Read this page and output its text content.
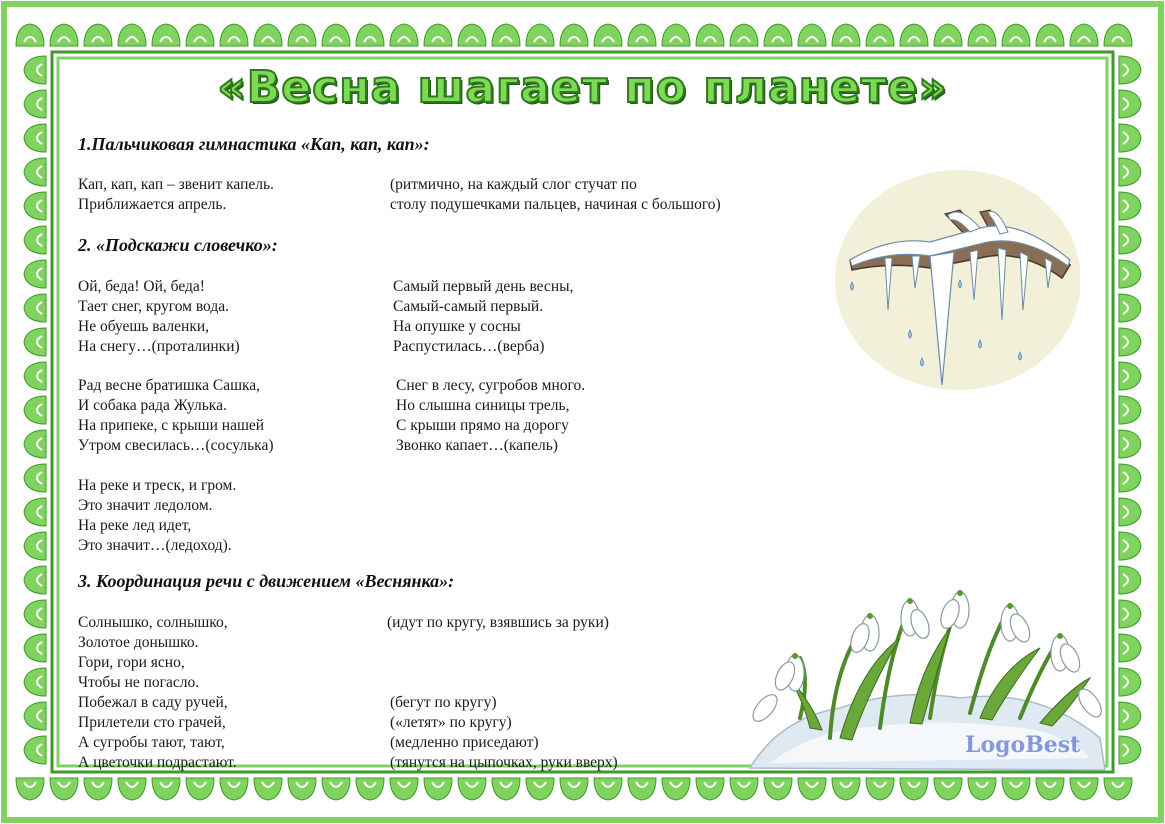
«Весна шагает по планете»
1.Пальчиковая гимнастика «Кап, кап, кап»:
Кап, кап, кап – звенит капель.
Приближается апрель.
(ритмично, на каждый слог стучат по
столу подушечками пальцев, начиная с большого)
2. «Подскажи словечко»:
Ой, беда! Ой, беда!
Тает снег, кругом вода.
Не обуешь валенки,
На снегу…(проталинки)
Самый первый день весны,
Самый-самый первый.
На опушке у сосны
Распустилась…(верба)
Рад весне братишка Сашка,
И собака рада Жулька.
На припеке, с крыши нашей
Утром свесилась…(сосулька)
Снег в лесу, сугробов много.
Но слышна синицы трель,
С крыши прямо на дорогу
Звонко капает…(капель)
На реке и треск, и гром.
Это значит ледолом.
На реке лед идет,
Это значит…(ледоход).
3. Координация речи с движением «Веснянка»:
Солнышко, солнышко,
Золотое донышко.
Гори, гори ясно,
Чтобы не погасло.
Побежал в саду ручей,
Прилетели сто грачей,
А сугробы тают, тают,
А цветочки подрастают.
(идут по кругу, взявшись за руки)
(бегут по кругу)
(«летят» по кругу)
(медленно приседают)
(тянутся на цыпочках, руки вверх)
LogoBest
